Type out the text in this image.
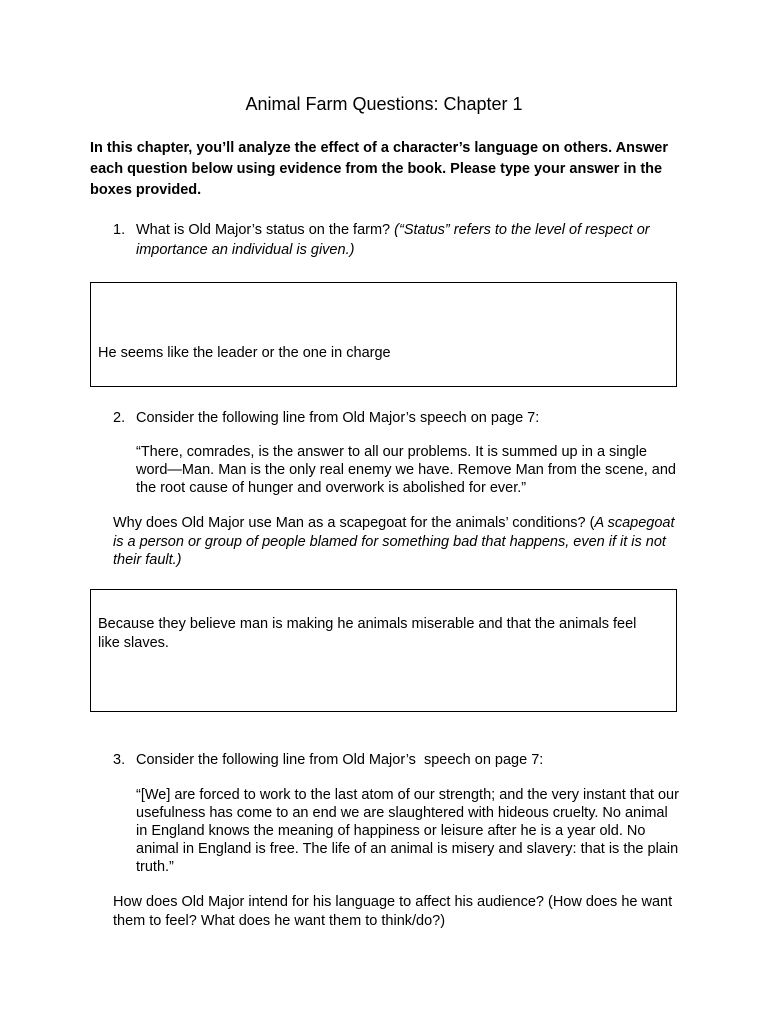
Animal Farm Questions: Chapter 1
In this chapter, you’ll analyze the effect of a character’s language on others. Answer each question below using evidence from the book. Please type your answer in the boxes provided.
1. What is Old Major’s status on the farm? (“Status” refers to the level of respect or importance an individual is given.)
He seems like the leader or the one in charge
2. Consider the following line from Old Major’s speech on page 7:
“There, comrades, is the answer to all our problems. It is summed up in a single word—Man. Man is the only real enemy we have. Remove Man from the scene, and the root cause of hunger and overwork is abolished for ever.”
Why does Old Major use Man as a scapegoat for the animals’ conditions? (A scapegoat is a person or group of people blamed for something bad that happens, even if it is not their fault.)
Because they believe man is making he animals miserable and that the animals feel like slaves.
3. Consider the following line from Old Major’s  speech on page 7:
“[We] are forced to work to the last atom of our strength; and the very instant that our usefulness has come to an end we are slaughtered with hideous cruelty. No animal in England knows the meaning of happiness or leisure after he is a year old. No animal in England is free. The life of an animal is misery and slavery: that is the plain truth.”
How does Old Major intend for his language to affect his audience? (How does he want them to feel? What does he want them to think/do?)
